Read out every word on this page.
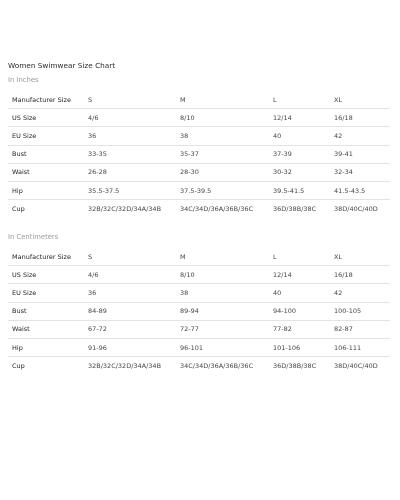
Women Swimwear Size Chart
In Inches
Manufacturer Size	S	M	L	XL
US Size	4/6	8/10	12/14	16/18
EU Size	36	38	40	42
Bust	33-35	35-37	37-39	39-41
Waist	26-28	28-30	30-32	32-34
Hip	35.5-37.5	37.5-39.5	39.5-41.5	41.5-43.5
Cup	32B/32C/32D/34A/34B	34C/34D/36A/36B/36C	36D/38B/38C	38D/40C/40D
In Centimeters
Manufacturer Size	S	M	L	XL
US Size	4/6	8/10	12/14	16/18
EU Size	36	38	40	42
Bust	84-89	89-94	94-100	100-105
Waist	67-72	72-77	77-82	82-87
Hip	91-96	96-101	101-106	106-111
Cup	32B/32C/32D/34A/34B	34C/34D/36A/36B/36C	36D/38B/38C	38D/40C/40D
